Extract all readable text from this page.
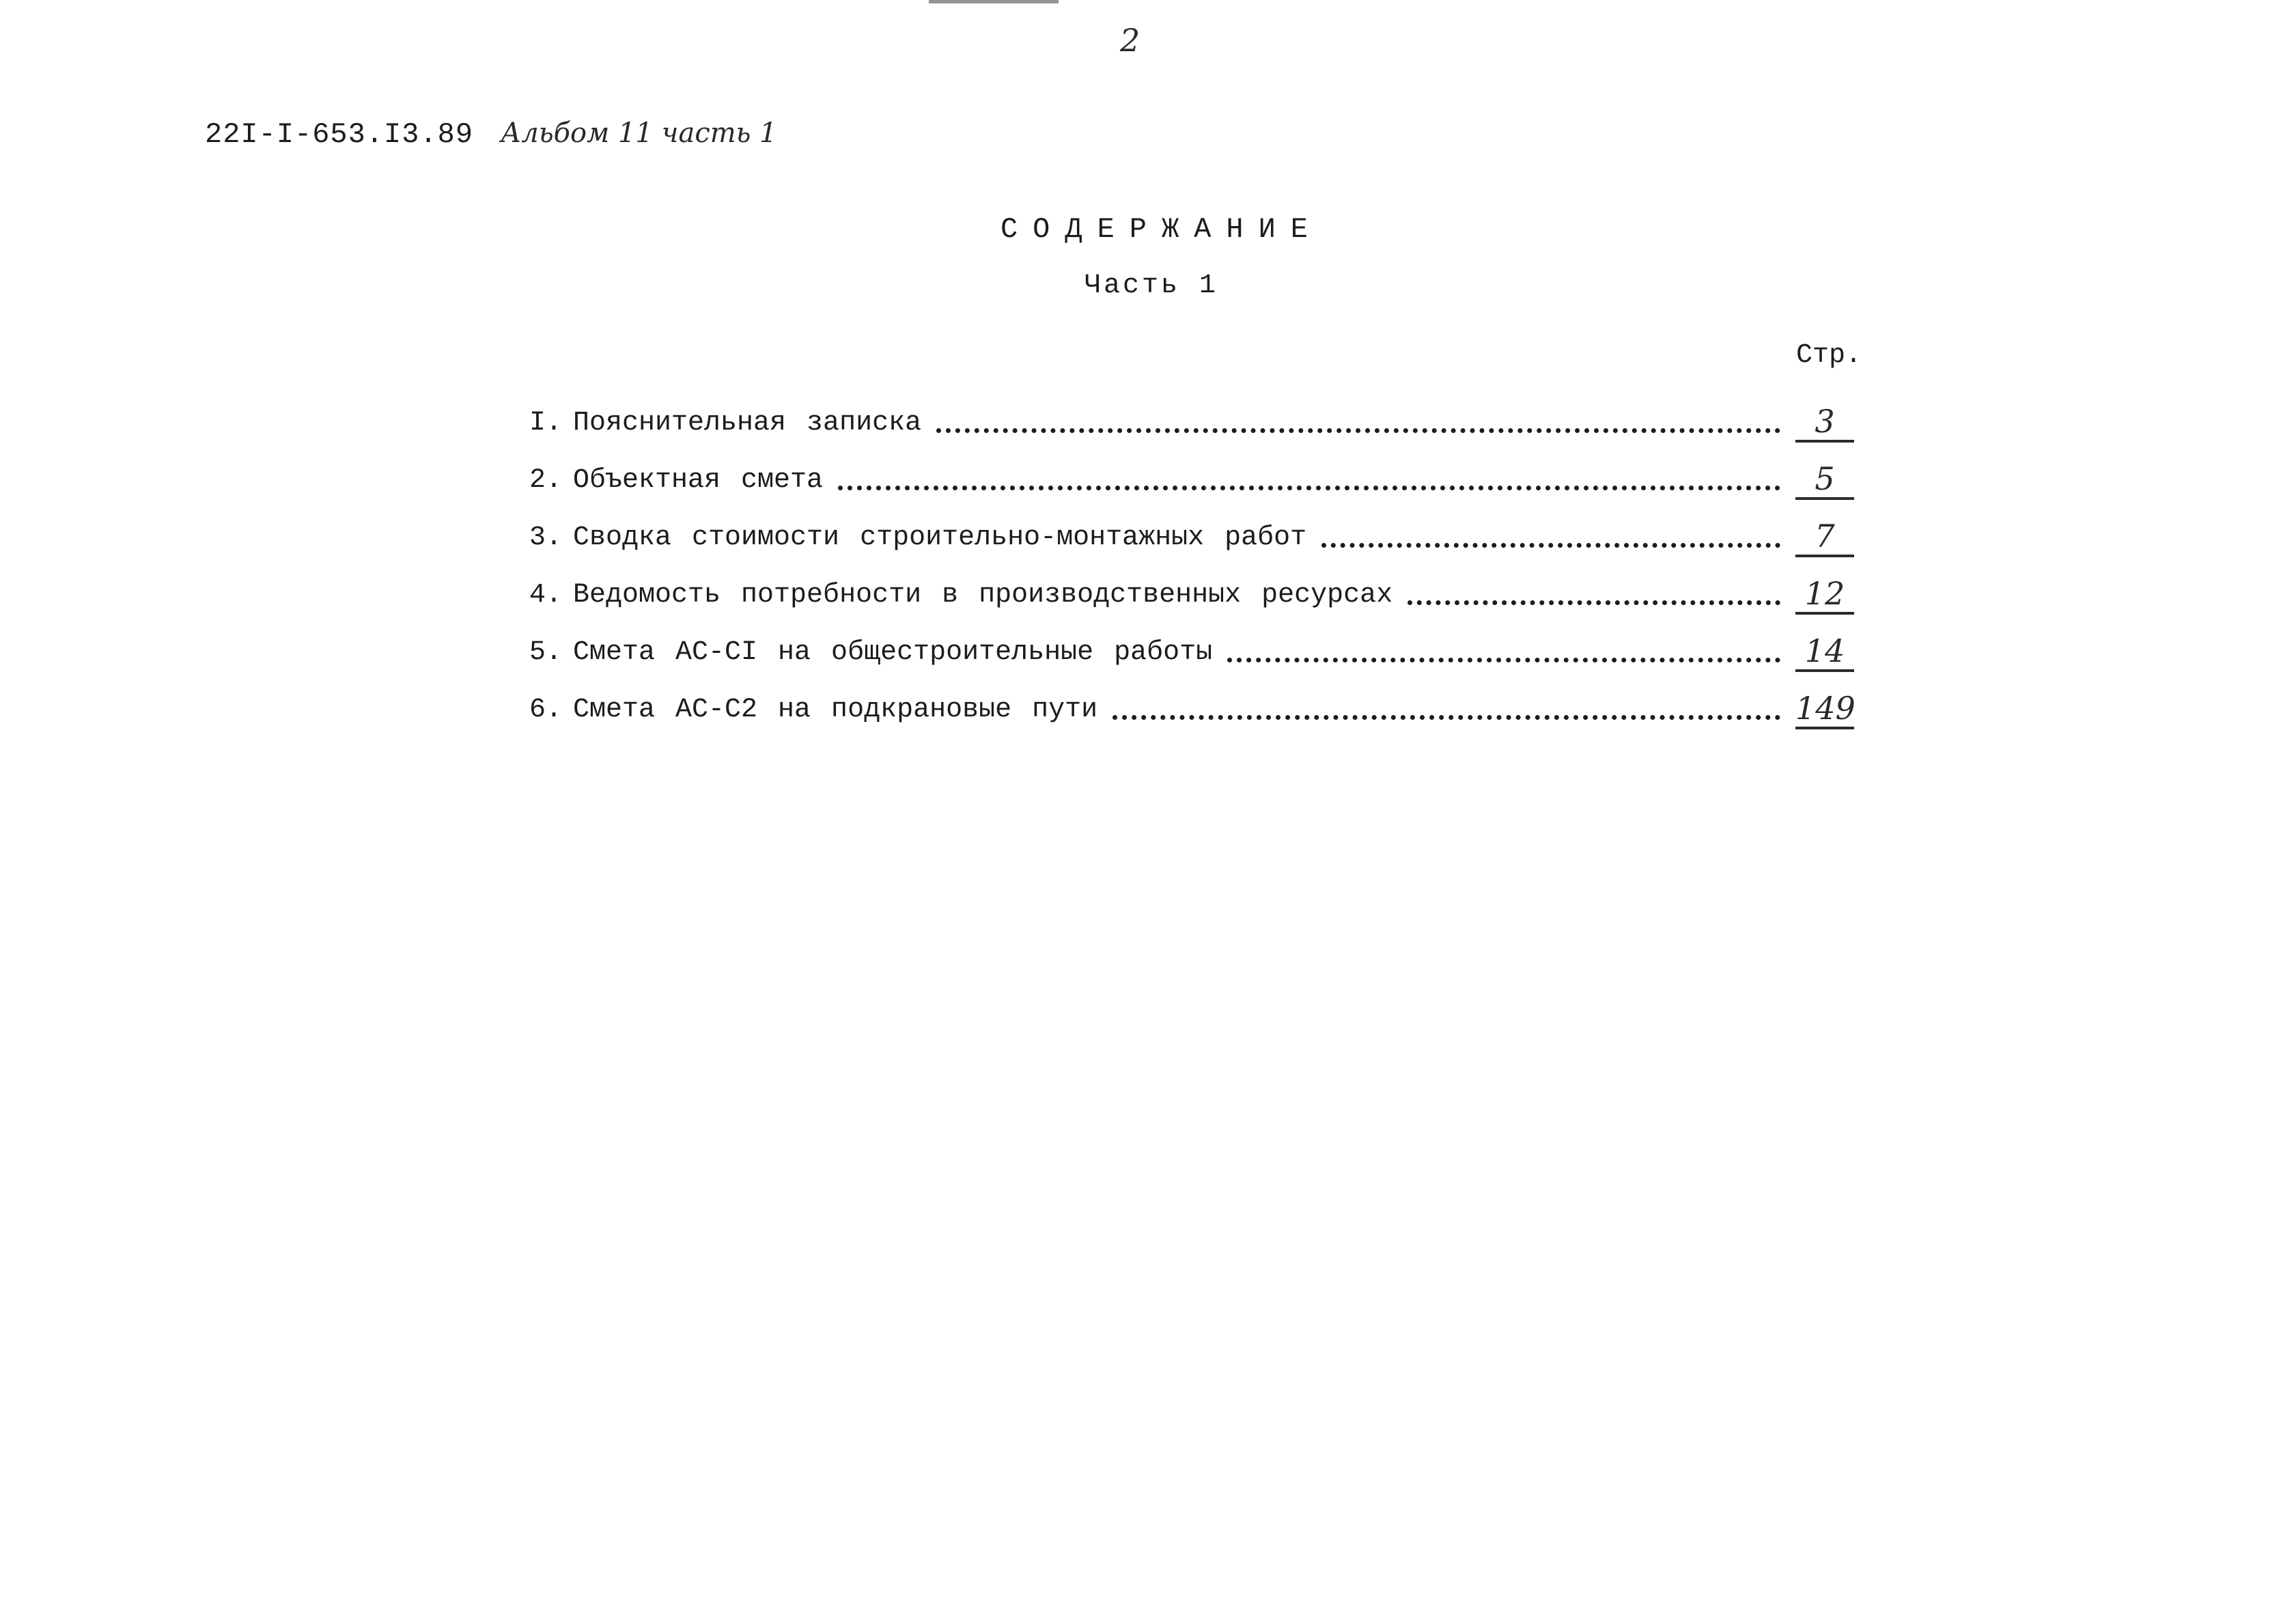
2
22I-I-653.I3.89 Альбом 11 часть 1
СОДЕРЖАНИЕ
Часть 1
Стр.
I. Пояснительная записка	3
2. Объектная смета	5
3. Сводка стоимости строительно-монтажных работ	7
4. Ведомость потребности в производственных ресурсах	12
5. Смета АС-СI на общестроительные работы	14
6. Смета АС-С2 на подкрановые пути	149
